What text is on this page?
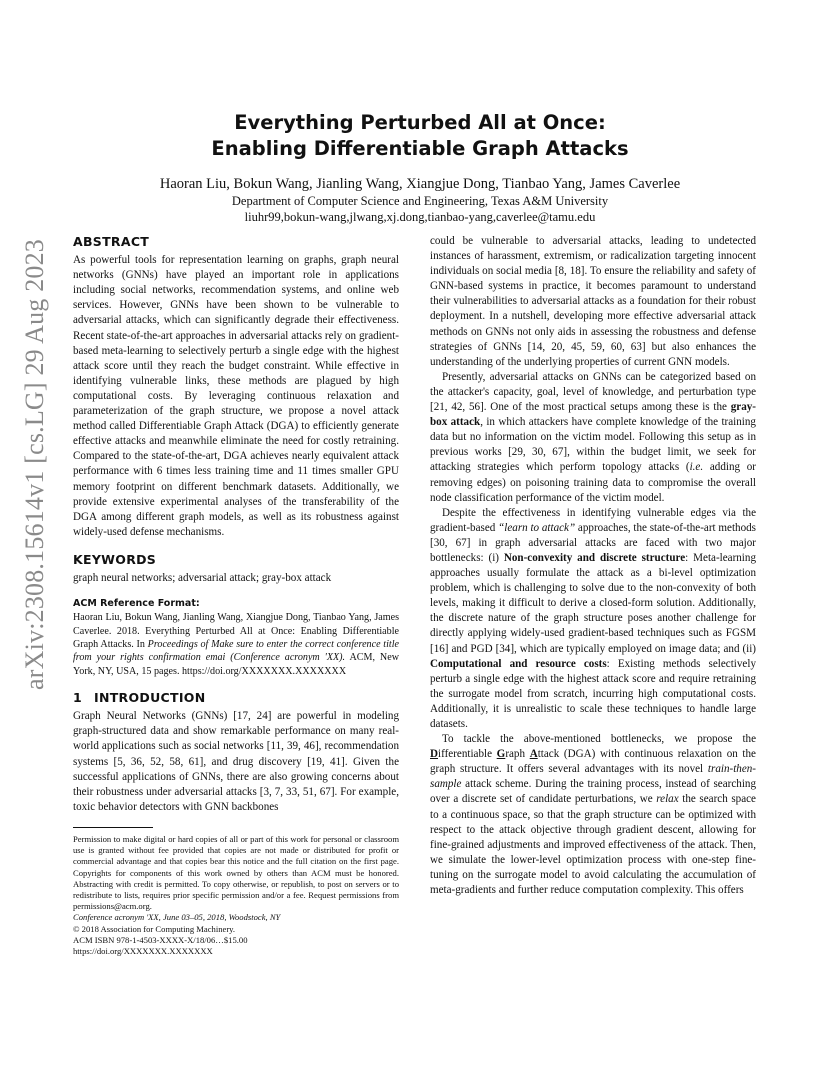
arXiv:2308.15614v1 [cs.LG] 29 Aug 2023
Everything Perturbed All at Once:
Enabling Differentiable Graph Attacks
Haoran Liu, Bokun Wang, Jianling Wang, Xiangjue Dong, Tianbao Yang, James Caverlee
Department of Computer Science and Engineering, Texas A&M University
liuhr99,bokun-wang,jlwang,xj.dong,tianbao-yang,caverlee@tamu.edu
ABSTRACT

As powerful tools for representation learning on graphs, graph neural networks (GNNs) have played an important role in applications including social networks, recommendation systems, and online web services. However, GNNs have been shown to be vulnerable to adversarial attacks, which can significantly degrade their effectiveness. Recent state-of-the-art approaches in adversarial attacks rely on gradient-based meta-learning to selectively perturb a single edge with the highest attack score until they reach the budget constraint. While effective in identifying vulnerable links, these methods are plagued by high computational costs. By leveraging continuous relaxation and parameterization of the graph structure, we propose a novel attack method called Differentiable Graph Attack (DGA) to efficiently generate effective attacks and meanwhile eliminate the need for costly retraining. Compared to the state-of-the-art, DGA achieves nearly equivalent attack performance with 6 times less training time and 11 times smaller GPU memory footprint on different benchmark datasets. Additionally, we provide extensive experimental analyses of the transferability of the DGA among different graph models, as well as its robustness against widely-used defense mechanisms.

KEYWORDS

graph neural networks; adversarial attack; gray-box attack

ACM Reference Format:

Haoran Liu, Bokun Wang, Jianling Wang, Xiangjue Dong, Tianbao Yang, James Caverlee. 2018. Everything Perturbed All at Once: Enabling Differentiable Graph Attacks. In Proceedings of Make sure to enter the correct conference title from your rights confirmation emai (Conference acronym 'XX). ACM, New York, NY, USA, 15 pages. https://doi.org/XXXXXXX.XXXXXXX

1 INTRODUCTION

Graph Neural Networks (GNNs) [17, 24] are powerful in modeling graph-structured data and show remarkable performance on many real-world applications such as social networks [11, 39, 46], recommendation systems [5, 36, 52, 58, 61], and drug discovery [19, 41]. Given the successful applications of GNNs, there are also growing concerns about their robustness under adversarial attacks [3, 7, 33, 51, 67]. For example, toxic behavior detectors with GNN backbones

Permission to make digital or hard copies of all or part of this work for personal or classroom use is granted without fee provided that copies are not made or distributed for profit or commercial advantage and that copies bear this notice and the full citation on the first page. Copyrights for components of this work owned by others than ACM must be honored. Abstracting with credit is permitted. To copy otherwise, or republish, to post on servers or to redistribute to lists, requires prior specific permission and/or a fee. Request permissions from permissions@acm.org.

Conference acronym 'XX, June 03–05, 2018, Woodstock, NY
© 2018 Association for Computing Machinery.
ACM ISBN 978-1-4503-XXXX-X/18/06…$15.00
https://doi.org/XXXXXXX.XXXXXXX

could be vulnerable to adversarial attacks, leading to undetected instances of harassment, extremism, or radicalization targeting innocent individuals on social media [8, 18]. To ensure the reliability and safety of GNN-based systems in practice, it becomes paramount to understand their vulnerabilities to adversarial attacks as a foundation for their robust deployment. In a nutshell, developing more effective adversarial attack methods on GNNs not only aids in assessing the robustness and defense strategies of GNNs [14, 20, 45, 59, 60, 63] but also enhances the understanding of the underlying properties of current GNN models.

Presently, adversarial attacks on GNNs can be categorized based on the attacker's capacity, goal, level of knowledge, and perturbation type [21, 42, 56]. One of the most practical setups among these is the gray-box attack, in which attackers have complete knowledge of the training data but no information on the victim model. Following this setup as in previous works [29, 30, 67], within the budget limit, we seek for attacking strategies which perform topology attacks (i.e. adding or removing edges) on poisoning training data to compromise the overall node classification performance of the victim model.

Despite the effectiveness in identifying vulnerable edges via the gradient-based “learn to attack” approaches, the state-of-the-art methods [30, 67] in graph adversarial attacks are faced with two major bottlenecks: (i) Non-convexity and discrete structure: Meta-learning approaches usually formulate the attack as a bi-level optimization problem, which is challenging to solve due to the non-convexity of both levels, making it difficult to derive a closed-form solution. Additionally, the discrete nature of the graph structure poses another challenge for directly applying widely-used gradient-based techniques such as FGSM [16] and PGD [34], which are typically employed on image data; and (ii) Computational and resource costs: Existing methods selectively perturb a single edge with the highest attack score and require retraining the surrogate model from scratch, incurring high computational costs. Additionally, it is unrealistic to scale these techniques to handle large datasets.

To tackle the above-mentioned bottlenecks, we propose the Differentiable Graph Attack (DGA) with continuous relaxation on the graph structure. It offers several advantages with its novel train-then-sample attack scheme. During the training process, instead of searching over a discrete set of candidate perturbations, we relax the search space to a continuous space, so that the graph structure can be optimized with respect to the attack objective through gradient descent, allowing for fine-grained adjustments and improved effectiveness of the attack. Then, we simulate the lower-level optimization process with one-step fine-tuning on the surrogate model to avoid calculating the accumulation of meta-gradients and further reduce computation complexity. This offers
